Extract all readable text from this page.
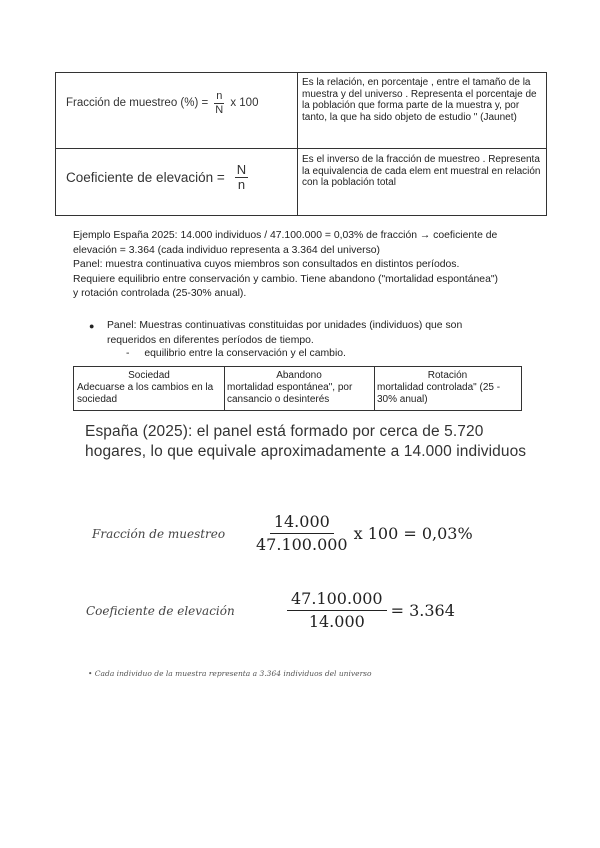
Fracción de muestreo (%) = $\frac{n}{N}$ x 100
Es la relación, en porcentaje , entre el tamaño de la muestra y del universo . Representa el porcentaje de la población que forma parte de la muestra y, por tanto, la que ha sido objeto de estudio " (Jaunet)
Coeficiente de elevación = $\frac{N}{n}$
Es el inverso de la fracción de muestreo . Representa la equivalencia de cada elem ent muestral en relación con la población total
Ejemplo España 2025: 14.000 individuos / 47.100.000 = 0,03% de fracción → coeficiente de
elevación = 3.364 (cada individuo representa a 3.364 del universo)
Panel: muestra continuativa cuyos miembros son consultados en distintos períodos.
Requiere equilibrio entre conservación y cambio. Tiene abandono ("mortalidad espontánea")
y rotación controlada (25-30% anual).
● Panel: Muestras continuativas constituidas por unidades (individuos) que son
requeridos en diferentes períodos de tiempo.
- equilibrio entre la conservación y el cambio.
Sociedad
Adecuarse a los cambios en la sociedad
Abandono
mortalidad espontánea", por cansancio o desinterés
Rotación
mortalidad controlada" (25 - 30% anual)
España (2025): el panel está formado por cerca de 5.720
hogares, lo que equivale aproximadamente a 14.000 individuos
Fracción de muestreo $\frac{14.000}{47.100.000}$ x 100 = 0,03%
Coeficiente de elevación	$\frac{47.100.000}{14.000} = 3.364$
• Cada individuo de la muestra representa a 3.364 individuos del universo
